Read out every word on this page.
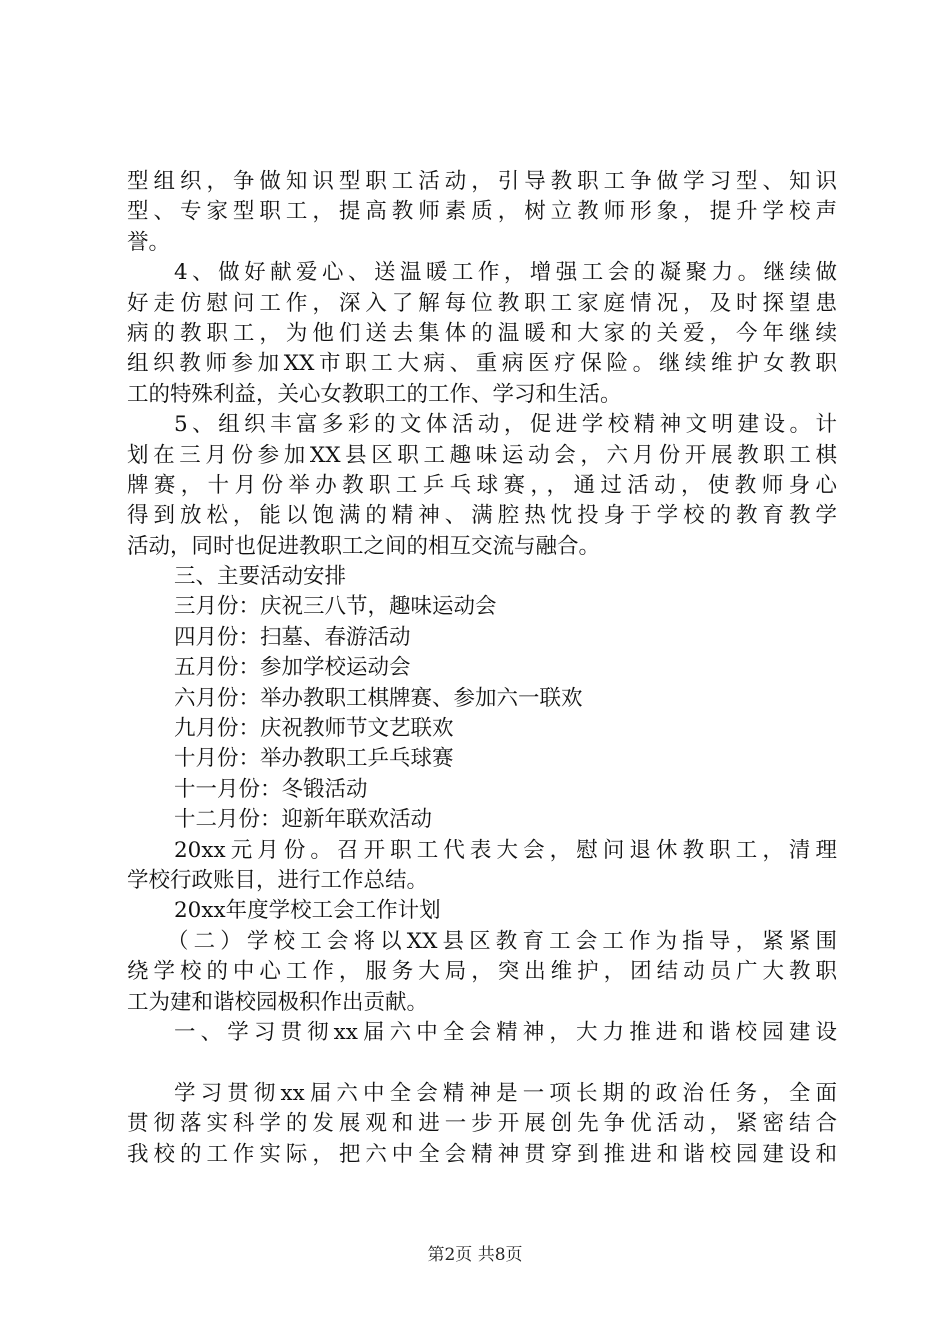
型组织，争做知识型职工活动，引导教职工争做学习型、知识
型、专家型职工，提高教师素质，树立教师形象，提升学校声
誉。
4、做好献爱心、送温暖工作，增强工会的凝聚力。继续做
好走仿慰问工作，深入了解每位教职工家庭情况，及时探望患
病的教职工，为他们送去集体的温暖和大家的关爱，今年继续
组织教师参加XX市职工大病、重病医疗保险。继续维护女教职
工的特殊利益，关心女教职工的工作、学习和生活。
5、组织丰富多彩的文体活动，促进学校精神文明建设。计
划在三月份参加XX县区职工趣味运动会，六月份开展教职工棋
牌赛，十月份举办教职工乒乓球赛，，通过活动，使教师身心
得到放松，能以饱满的精神、满腔热忱投身于学校的教育教学
活动，同时也促进教职工之间的相互交流与融合。
三、主要活动安排
三月份：庆祝三八节，趣味运动会
四月份：扫墓、春游活动
五月份：参加学校运动会
六月份：举办教职工棋牌赛、参加六一联欢
九月份：庆祝教师节文艺联欢
十月份：举办教职工乒乓球赛
十一月份：冬锻活动
十二月份：迎新年联欢活动
20xx元月份。召开职工代表大会，慰问退休教职工，清理
学校行政账目，进行工作总结。
20xx年度学校工会工作计划
（二）学校工会将以XX县区教育工会工作为指导，紧紧围
绕学校的中心工作，服务大局，突出维护，团结动员广大教职
工为建和谐校园极积作出贡献。
一、学习贯彻xx届六中全会精神，大力推进和谐校园建设
学习贯彻xx届六中全会精神是一项长期的政治任务，全面
贯彻落实科学的发展观和进一步开展创先争优活动，紧密结合
我校的工作实际，把六中全会精神贯穿到推进和谐校园建设和
第2页 共8页
